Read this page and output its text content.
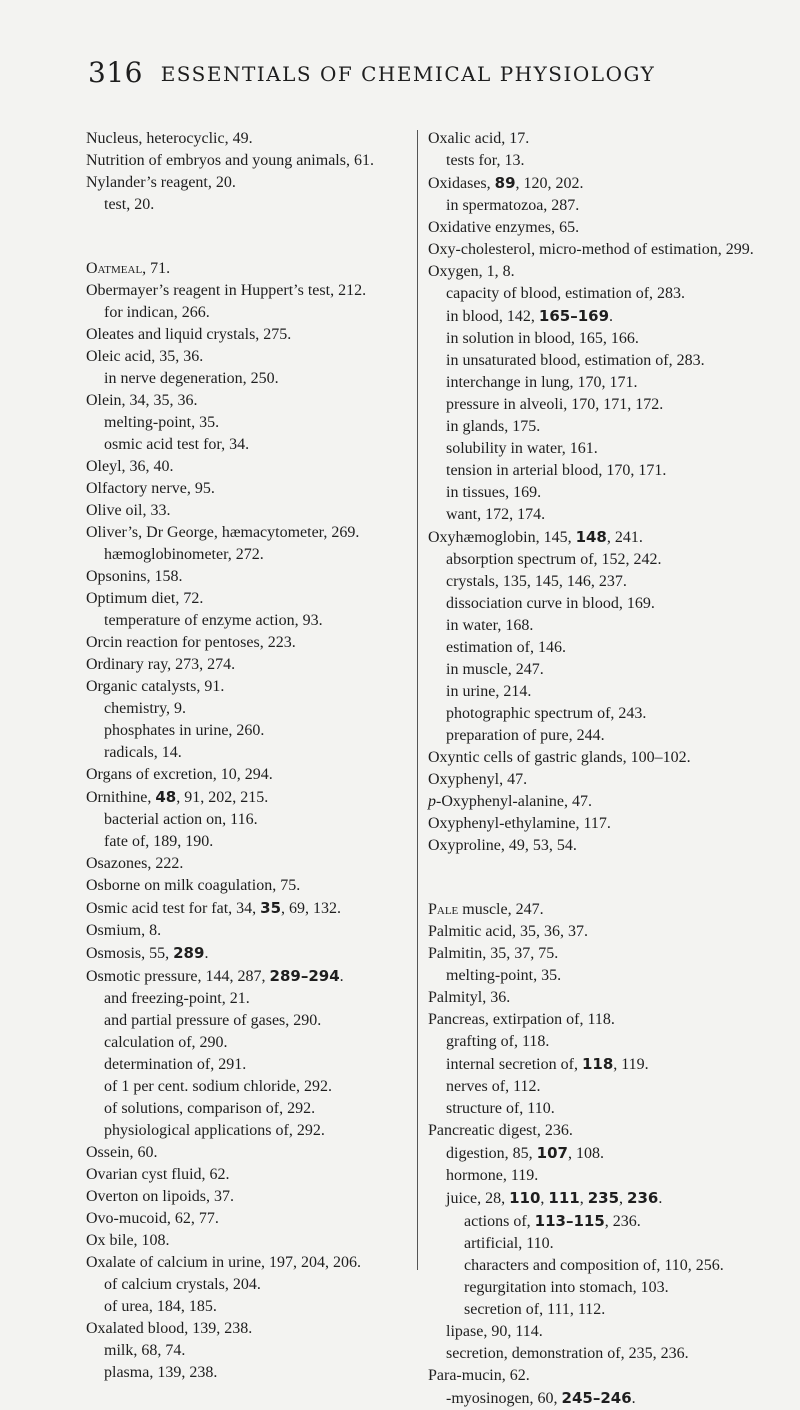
316 ESSENTIALS OF CHEMICAL PHYSIOLOGY
Nucleus, heterocyclic, 49.
Nutrition of embryos and young animals, 61.
Nylander’s reagent, 20.
test, 20.
Oatmeal, 71.
Obermayer’s reagent in Huppert’s test, 212.
for indican, 266.
Oleates and liquid crystals, 275.
Oleic acid, 35, 36.
in nerve degeneration, 250.
Olein, 34, 35, 36.
melting-point, 35.
osmic acid test for, 34.
Oleyl, 36, 40.
Olfactory nerve, 95.
Olive oil, 33.
Oliver’s, Dr George, hæmacytometer, 269.
hæmoglobinometer, 272.
Opsonins, 158.
Optimum diet, 72.
temperature of enzyme action, 93.
Orcin reaction for pentoses, 223.
Ordinary ray, 273, 274.
Organic catalysts, 91.
chemistry, 9.
phosphates in urine, 260.
radicals, 14.
Organs of excretion, 10, 294.
Ornithine, 48, 91, 202, 215.
bacterial action on, 116.
fate of, 189, 190.
Osazones, 222.
Osborne on milk coagulation, 75.
Osmic acid test for fat, 34, 35, 69, 132.
Osmium, 8.
Osmosis, 55, 289.
Osmotic pressure, 144, 287, 289–294.
and freezing-point, 21.
and partial pressure of gases, 290.
calculation of, 290.
determination of, 291.
of 1 per cent. sodium chloride, 292.
of solutions, comparison of, 292.
physiological applications of, 292.
Ossein, 60.
Ovarian cyst fluid, 62.
Overton on lipoids, 37.
Ovo-mucoid, 62, 77.
Ox bile, 108.
Oxalate of calcium in urine, 197, 204, 206.
of calcium crystals, 204.
of urea, 184, 185.
Oxalated blood, 139, 238.
milk, 68, 74.
plasma, 139, 238.
Oxalic acid, 17.
tests for, 13.
Oxidases, 89, 120, 202.
in spermatozoa, 287.
Oxidative enzymes, 65.
Oxy-cholesterol, micro-method of estimation, 299.
Oxygen, 1, 8.
capacity of blood, estimation of, 283.
in blood, 142, 165–169.
in solution in blood, 165, 166.
in unsaturated blood, estimation of, 283.
interchange in lung, 170, 171.
pressure in alveoli, 170, 171, 172.
in glands, 175.
solubility in water, 161.
tension in arterial blood, 170, 171.
in tissues, 169.
want, 172, 174.
Oxyhæmoglobin, 145, 148, 241.
absorption spectrum of, 152, 242.
crystals, 135, 145, 146, 237.
dissociation curve in blood, 169.
in water, 168.
estimation of, 146.
in muscle, 247.
in urine, 214.
photographic spectrum of, 243.
preparation of pure, 244.
Oxyntic cells of gastric glands, 100–102.
Oxyphenyl, 47.
p-Oxyphenyl-alanine, 47.
Oxyphenyl-ethylamine, 117.
Oxyproline, 49, 53, 54.
Pale muscle, 247.
Palmitic acid, 35, 36, 37.
Palmitin, 35, 37, 75.
melting-point, 35.
Palmityl, 36.
Pancreas, extirpation of, 118.
grafting of, 118.
internal secretion of, 118, 119.
nerves of, 112.
structure of, 110.
Pancreatic digest, 236.
digestion, 85, 107, 108.
hormone, 119.
juice, 28, 110, 111, 235, 236.
actions of, 113–115, 236.
artificial, 110.
characters and composition of, 110, 256.
regurgitation into stomach, 103.
secretion of, 111, 112.
lipase, 90, 114.
secretion, demonstration of, 235, 236.
Para-mucin, 62.
-myosinogen, 60, 245–246.
